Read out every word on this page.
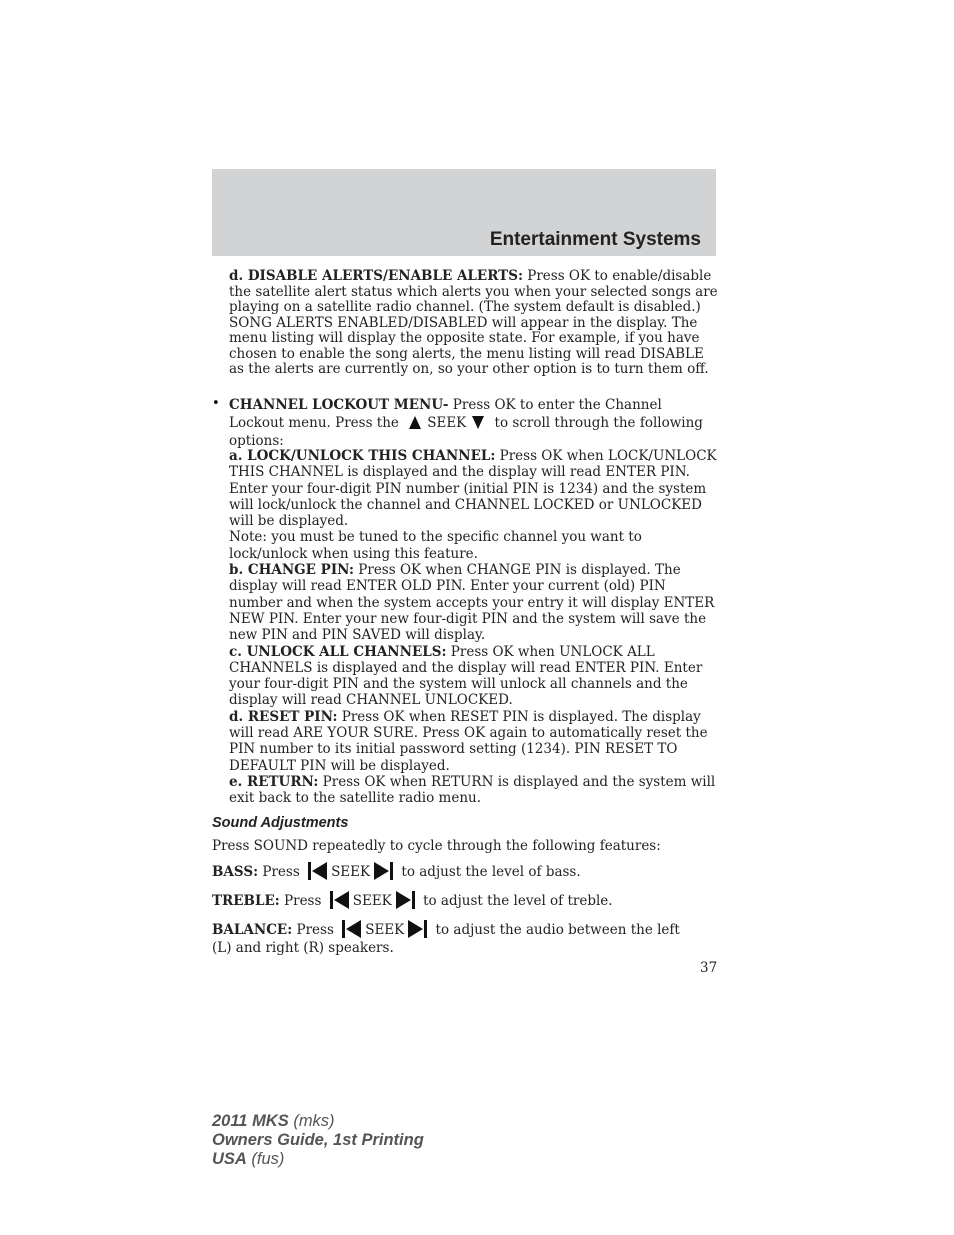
Entertainment Systems

d. DISABLE ALERTS/ENABLE ALERTS: Press OK to enable/disable the satellite alert status which alerts you when your selected songs are playing on a satellite radio channel. (The system default is disabled.) SONG ALERTS ENABLED/DISABLED will appear in the display. The menu listing will display the opposite state. For example, if you have chosen to enable the song alerts, the menu listing will read DISABLE as the alerts are currently on, so your other option is to turn them off.

• CHANNEL LOCKOUT MENU- Press OK to enter the Channel Lockout menu. Press the SEEK to scroll through the following options:

a. LOCK/UNLOCK THIS CHANNEL: Press OK when LOCK/UNLOCK THIS CHANNEL is displayed and the display will read ENTER PIN. Enter your four-digit PIN number (initial PIN is 1234) and the system will lock/unlock the channel and CHANNEL LOCKED or UNLOCKED will be displayed.

Note: you must be tuned to the specific channel you want to lock/unlock when using this feature.

b. CHANGE PIN: Press OK when CHANGE PIN is displayed. The display will read ENTER OLD PIN. Enter your current (old) PIN number and when the system accepts your entry it will display ENTER NEW PIN. Enter your new four-digit PIN and the system will save the new PIN and PIN SAVED will display.

c. UNLOCK ALL CHANNELS: Press OK when UNLOCK ALL CHANNELS is displayed and the display will read ENTER PIN. Enter your four-digit PIN and the system will unlock all channels and the display will read CHANNEL UNLOCKED.

d. RESET PIN: Press OK when RESET PIN is displayed. The display will read ARE YOUR SURE. Press OK again to automatically reset the PIN number to its initial password setting (1234). PIN RESET TO DEFAULT PIN will be displayed.

e. RETURN: Press OK when RETURN is displayed and the system will exit back to the satellite radio menu.

Sound Adjustments
Press SOUND repeatedly to cycle through the following features:
BASS: Press SEEK to adjust the level of bass.
TREBLE: Press SEEK to adjust the level of treble.
BALANCE: Press SEEK to adjust the audio between the left
(L) and right (R) speakers.
37
2011 MKS (mks)
Owners Guide, 1st Printing
USA (fus)
